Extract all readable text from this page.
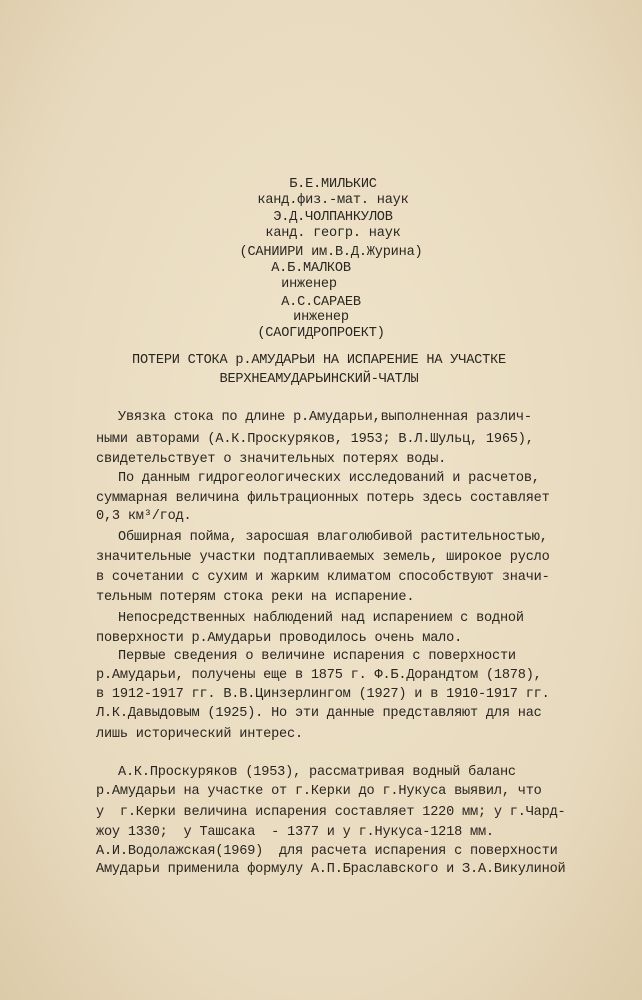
Б.Е.МИЛЬКИС
канд.физ.-мат. наук
Э.Д.ЧОЛПАНКУЛОВ
канд. геогр. наук
(САНИИРИ им.В.Д.Журина)
А.Б.МАЛКОВ
инженер
А.С.САРАЕВ
инженер
(САОГИДРОПРОЕКТ)
ПОТЕРИ СТОКА р.АМУДАРЬИ НА ИСПАРЕНИЕ НА УЧАСТКЕ
ВЕРХНЕАМУДАРЬИНСКИЙ-ЧАТЛЫ
Увязка стока по длине р.Амударьи,выполненная различ-
ными авторами (А.К.Проскуряков, 1953; В.Л.Шульц, 1965),
свидетельствует о значительных потерях воды.
По данным гидрогеологических исследований и расчетов,
суммарная величина фильтрационных потерь здесь составляет
0,3 км³/год.
Обширная пойма, заросшая влаголюбивой растительностью,
значительные участки подтапливаемых земель, широкое русло
в сочетании с сухим и жарким климатом способствуют значи-
тельным потерям стока реки на испарение.
Непосредственных наблюдений над испарением с водной
поверхности р.Амударьи проводилось очень мало.
Первые сведения о величине испарения с поверхности
р.Амударьи, получены еще в 1875 г. Ф.Б.Дорандтом (1878),
в 1912-1917 гг. В.В.Цинзерлингом (1927) и в 1910-1917 гг.
Л.К.Давыдовым (1925). Но эти данные представляют для нас
лишь исторический интерес.
А.К.Проскуряков (1953), рассматривая водный баланс
р.Амударьи на участке от г.Керки до г.Нукуса выявил, что
у  г.Керки величина испарения составляет 1220 мм; у г.Чард-
жоу 1330;  у Ташсака  - 1377 и у г.Нукуса-1218 мм.
А.И.Водолажская(1969)  для расчета испарения с поверхности
Амударьи применила формулу А.П.Браславского и З.А.Викулиной
